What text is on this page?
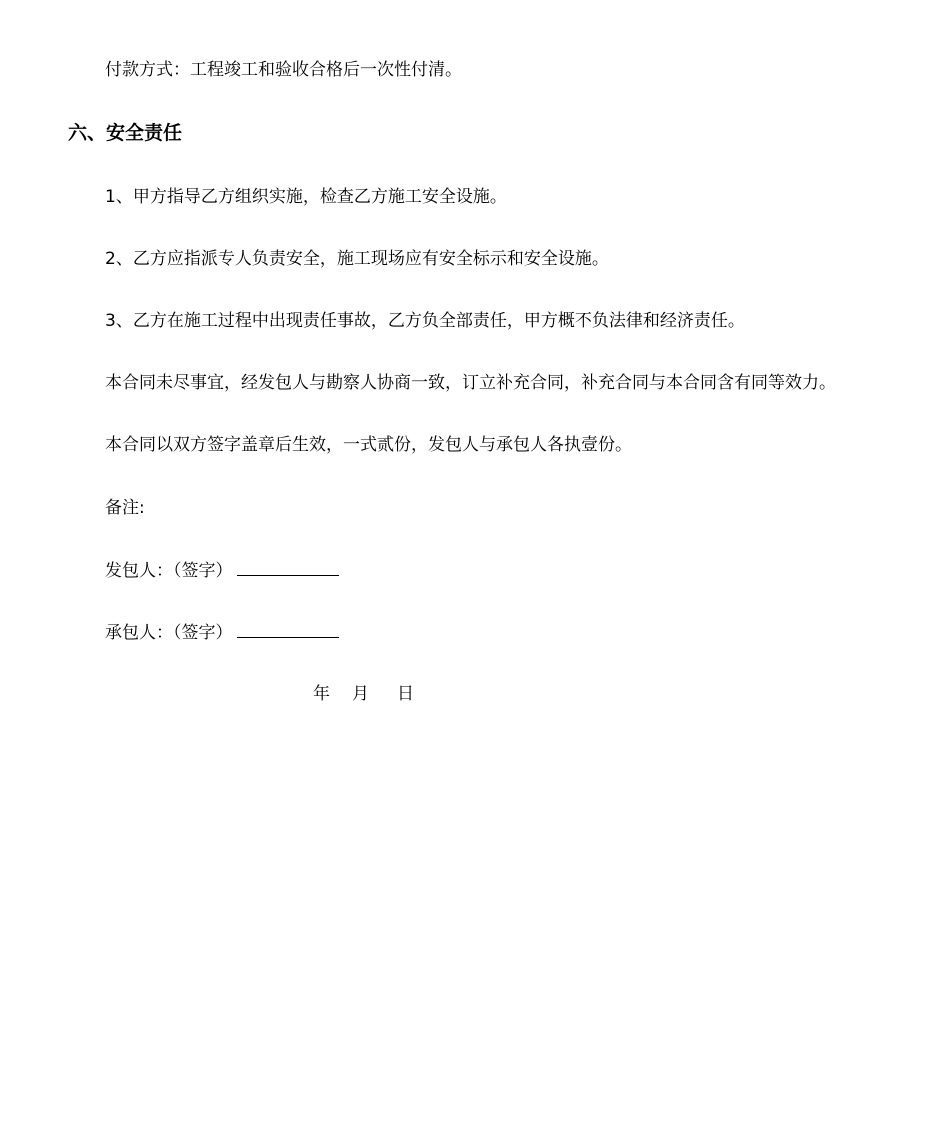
付款方式：工程竣工和验收合格后一次性付清。
六、安全责任
1、甲方指导乙方组织实施，检查乙方施工安全设施。
2、乙方应指派专人负责安全，施工现场应有安全标示和安全设施。
3、乙方在施工过程中出现责任事故，乙方负全部责任，甲方概不负法律和经济责任。
本合同未尽事宜，经发包人与勘察人协商一致，订立补充合同，补充合同与本合同含有同等效力。
本合同以双方签字盖章后生效，一式贰份，发包人与承包人各执壹份。
备注:
发包人：（签字）
承包人：（签字）
年 月 日
